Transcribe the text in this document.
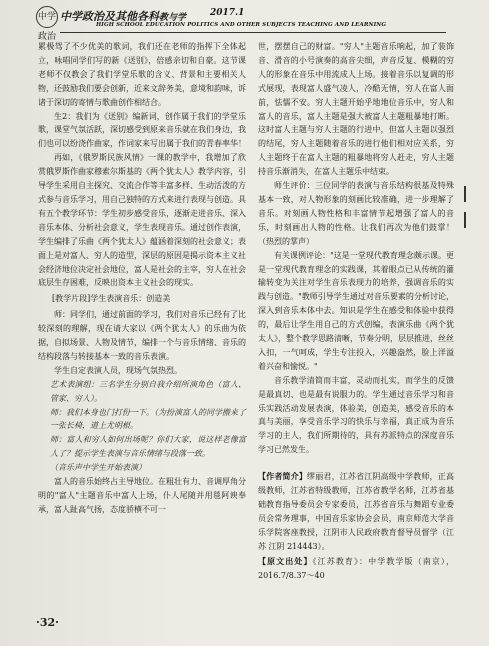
中学政治
中学政治及其他各科教与学	2017.1
HIGH SCHOOL EDUCATION POLITICS AND OTHER SUBJECTS TEACHING AND LEARNING

累极驾了不少优美的歌词，我们还在老师的指挥下全体起立，咏唱同学们写的新《送别》，倍感亲切和自豪。这节课老师不仅教会了我们学堂乐歌的含义、背景和主要相关人物，还鼓励我们要会创新，近来文辞务美，意境和韵味，诉诸于深切的寄情与歌曲创作相结合。

生2：我们为《送别》编新词，创作属于我们的学堂乐歌，课堂气氛活跃，深切感受到原来音乐就在我们身边，我们也可以纷浇作曲家，作词家来写出属于我们的青春率华！

再如，《俄罗斯民族风情》一课的教学中，我增加了欣赏俄罗斯作曲家穆索尔斯基的《两个犹太人》教学内容，引导学生采用自主探究、交流合作等丰富多样、生动活泼的方式参与音乐学习，用自己独特的方式来进行表现与创造。具有五个教学环节：学生初步感受音乐，逐渐走进音乐、深入音乐本体、分析社会意义，学生表现音乐。通过创作表演，学生编排了乐曲《两个犹太人》蕴涵着深刻的社会意义；表面上是对富人、穷人的造型，深层的原因是揭示资本主义社会经济地位决定社会地位，富人是社会的主宰，穷人在社会底层生存困难，反映出资本主义社会的现实。

[教学片段]学生表演音乐：创造美

师：同学们，通过前面的学习，我们对音乐已经有了比较深刻的理解，现在请大家以《两个犹太人》的乐曲为依据，自拟场景、人物及情节，编排一个与音乐情绪、音乐的结构段落与转接基本一致的音乐表演。

学生自定表演人员，现场气氛热烈。

艺术表演组：三名学生分别自我介绍所演角色（富人、管家、穷人）。

师：我们本身也门打份一下。（为扮演富人的同学搬来了一张长椅，道上尤明根。

师：富人和穷人如何出场呢？你们大家，说这样老像富人了？提示学生表演与音乐情绪与段落一致。

（音乐声中学生开始表演）

富人的音乐始终占主导地位。在粗壮有力、音调厚角分明的"富人"主题音乐中富人上场，仆人尾随并用毯阿谀奉承，富人趾高气扬，态度骄横不可一

世，摆摆自己的财富。"穷人"主题音乐响起，加了装饰音、滑音的小号演奏的高音尖细，声音反复、模糊的穷人的形象在音乐中用流成人上场。接着音乐以复调的形式展现，表现富人盛气凌人，冷酷无情，穷人在富人面前，怯懦不安。穷人主题开始乎地地位音乐中，穷人和富人的音乐，富人主题是强大被富人主题粗暴地打断。这时富人主题与穷人主题的行进中，但富人主题以强烈的结尾，穷人主题随着音乐的进行他们相对应关系，穷人主题终于在富人主题的粗暴地将穷人赶走，穷人主题持音乐渐消失，在富人主题乐中结束。

师生评价：三位同学的表演与音乐结构很基及特殊基本一致，对人物形象的刻画比较准确，进一步理解了音乐。对刻画人物性格和丰富情节起增强了富人的音乐，时刻画出人物的性格。让我们再次为他们鼓掌！（热烈的掌声）

有关课例评论："这是一堂现代教育理念颇示课。更是一堂现代教育理念的实践课，其着眼点已从传统的灌输转变为关注对学生音乐表现力的培养，强调音乐的实践与创造。"教师引导学生通过对音乐要素的分析讨论，深入到音乐本体中去。知识是学生在感受和体验中获得的，最后让学生用自己的方式创编，表演乐曲《两个犹太人》，整个教学思路清晰，节奏分明，层层推进，丝丝入扣，一气呵成，学生专注投入，兴趣盎然，脸上洋溢着兴奋和愉悦。"

音乐教学清简而丰富，灵动而扎实，而学生的反馈是最真切、也是最有说服力的。学生通过音乐学习和音乐实践活动发展表演，体验美，创造美，感受音乐的本真与美丽，享受音乐学习的快乐与幸福，真正成为音乐学习的主人，我们所期待的，具有苏派特点的深度音乐学习已然发生。

【作者简介】缪丽君，江苏省江阴高级中学教师，正高级教师，江苏省特级教师，江苏省教学名师，江苏省基础教育指导委员会专家委员，江苏省音乐与舞蹈专业委员会常务理事，中国音乐家协会会员，南京师范大学音乐学院客座教授，江阴市人民政府教育督导员督学（江苏 江阴 214443）。

【原文出处】《江苏教育》：中学教学版（南京），2016.7/8.37～40

·32·
